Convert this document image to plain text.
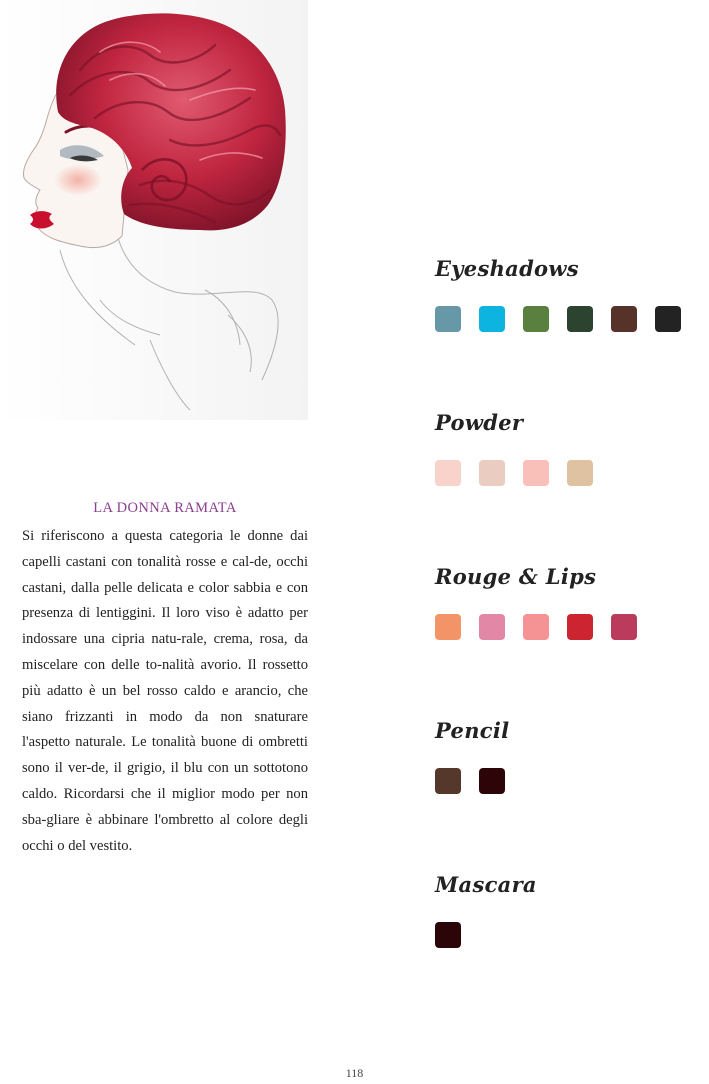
LA DONNA RAMATA
Si riferiscono a questa categoria le donne dai capelli castani con tonalità rosse e cal-de, occhi castani, dalla pelle delicata e color sabbia e con presenza di lentiggini. Il loro viso è adatto per indossare una cipria natu-rale, crema, rosa, da miscelare con delle to-nalità avorio. Il rossetto più adatto è un bel rosso caldo e arancio, che siano frizzanti in modo da non snaturare l'aspetto naturale. Le tonalità buone di ombretti sono il ver-de, il grigio, il blu con un sottotono caldo. Ricordarsi che il miglior modo per non sba-gliare è abbinare l'ombretto al colore degli occhi o del vestito.
Eyeshadows
Powder
Rouge & Lips
Pencil
Mascara
118
